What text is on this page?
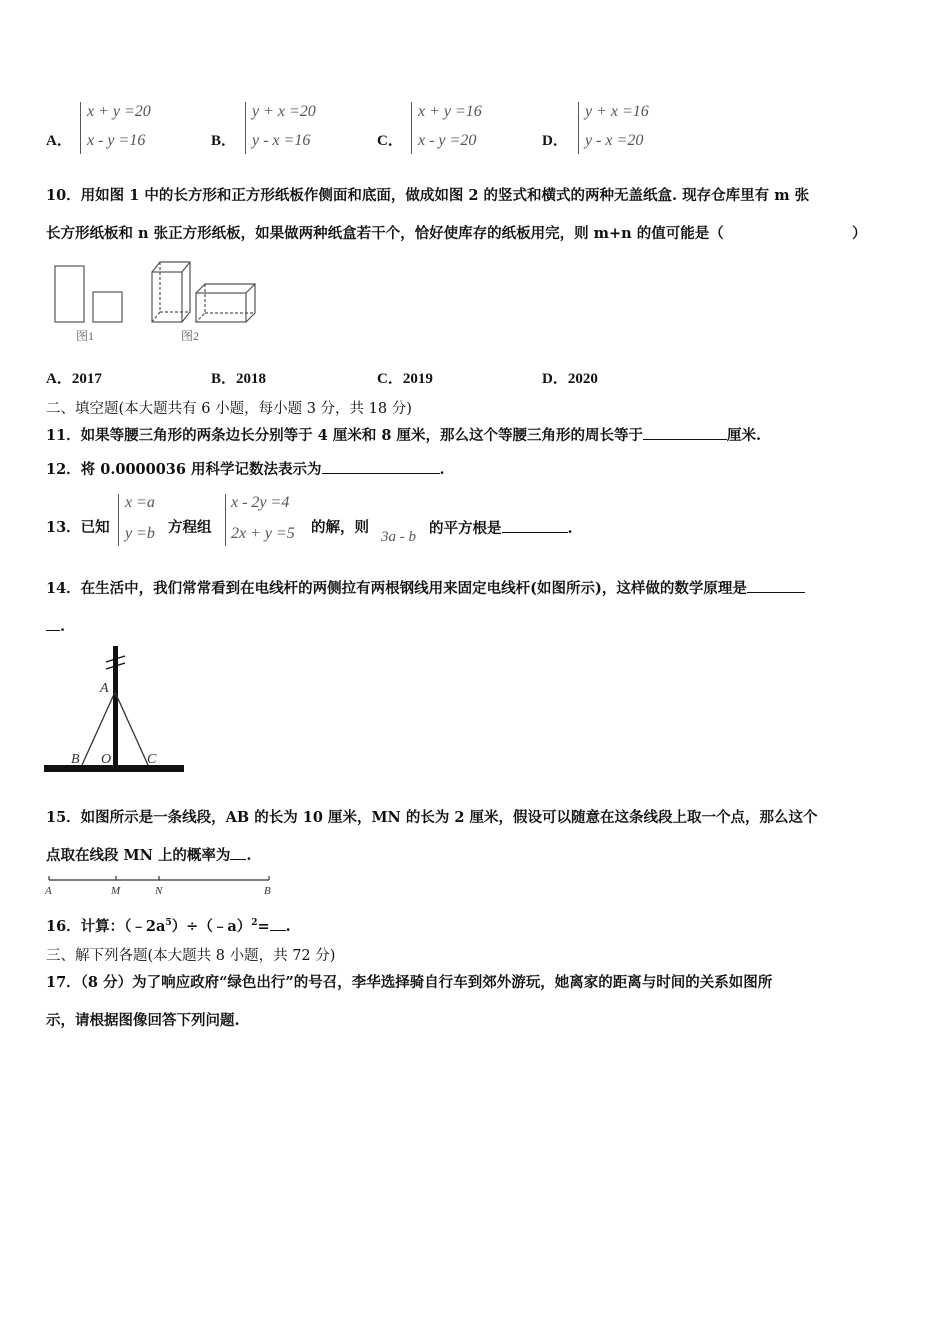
A．
x + y =20
x - y =16	B．
y + x =20
y - x =16	C．
x + y =16
x - y =20	D．
y + x =16
y - x =20
10．用如图 1 中的长方形和正方形纸板作侧面和底面，做成如图 2 的竖式和横式的两种无盖纸盒. 现存仓库里有 m 张
长方形纸板和 n 张正方形纸板，如果做两种纸盒若干个，恰好使库存的纸板用完，则 m+n 的值可能是（	）
图1	图2
A．2017	B．2018	C．2019	D．2020
二、填空题(本大题共有 6 小题，每小题 3 分，共 18 分)
11．如果等腰三角形的两条边长分别等于 4 厘米和 8 厘米，那么这个等腰三角形的周长等于	厘米.
12．将 0.0000036 用科学记数法表示为	.
13．已知
x =a
y =b 方程组
x - 2y =4
2x + y =5 的解，则
3a - b 的平方根是	.
14．在生活中，我们常常看到在电线杆的两侧拉有两根钢线用来固定电线杆(如图所示)，这样做的数学原理是
.
A
B O	C
15．如图所示是一条线段，AB 的长为 10 厘米，MN 的长为 2 厘米，假设可以随意在这条线段上取一个点，那么这个
点取在线段 MN 上的概率为 .
A	M	N	B
16．计算：$(﹣2a^5)\div(﹣a)^2=$ .
三、解下列各题(本大题共 8 小题，共 72 分)
17．（8 分）为了响应政府“绿色出行”的号召，李华选择骑自行车到郊外游玩，她离家的距离与时间的关系如图所
示，请根据图像回答下列问题.
